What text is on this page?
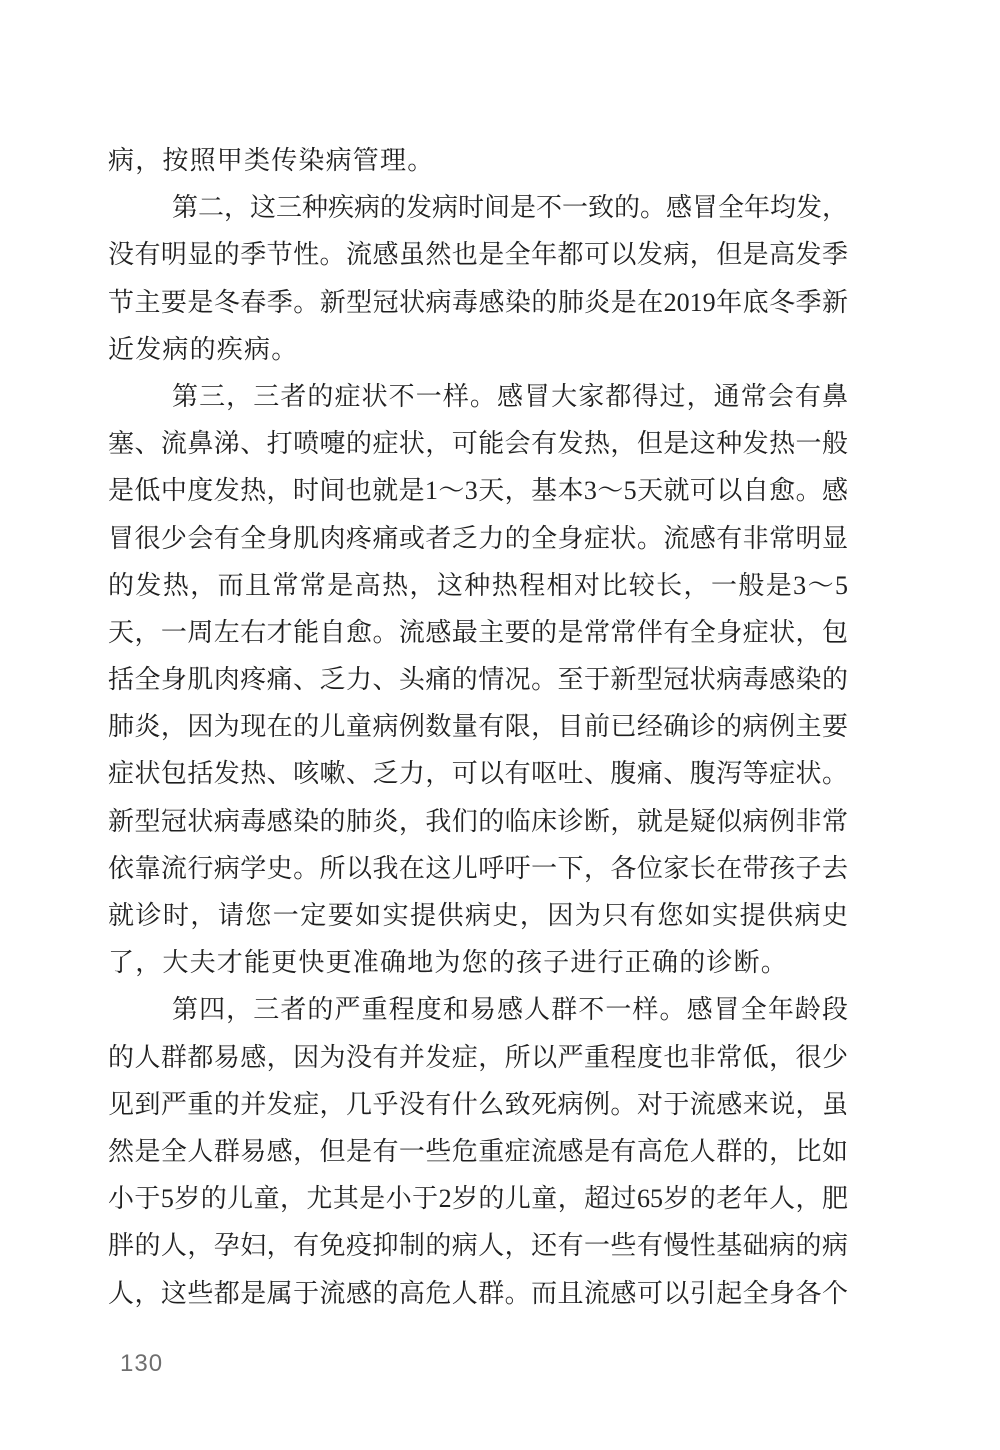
病，按照甲类传染病管理。
第二，这三种疾病的发病时间是不一致的。感冒全年均发，
没有明显的季节性。流感虽然也是全年都可以发病，但是高发季
节主要是冬春季。新型冠状病毒感染的肺炎是在2019年底冬季新
近发病的疾病。
第三，三者的症状不一样。感冒大家都得过，通常会有鼻
塞、流鼻涕、打喷嚏的症状，可能会有发热，但是这种发热一般
是低中度发热，时间也就是1～3天，基本3～5天就可以自愈。感
冒很少会有全身肌肉疼痛或者乏力的全身症状。流感有非常明显
的发热，而且常常是高热，这种热程相对比较长，一般是3～5
天，一周左右才能自愈。流感最主要的是常常伴有全身症状，包
括全身肌肉疼痛、乏力、头痛的情况。至于新型冠状病毒感染的
肺炎，因为现在的儿童病例数量有限，目前已经确诊的病例主要
症状包括发热、咳嗽、乏力，可以有呕吐、腹痛、腹泻等症状。
新型冠状病毒感染的肺炎，我们的临床诊断，就是疑似病例非常
依靠流行病学史。所以我在这儿呼吁一下，各位家长在带孩子去
就诊时，请您一定要如实提供病史，因为只有您如实提供病史
了，大夫才能更快更准确地为您的孩子进行正确的诊断。
第四，三者的严重程度和易感人群不一样。感冒全年龄段
的人群都易感，因为没有并发症，所以严重程度也非常低，很少
见到严重的并发症，几乎没有什么致死病例。对于流感来说，虽
然是全人群易感，但是有一些危重症流感是有高危人群的，比如
小于5岁的儿童，尤其是小于2岁的儿童，超过65岁的老年人，肥
胖的人，孕妇，有免疫抑制的病人，还有一些有慢性基础病的病
人，这些都是属于流感的高危人群。而且流感可以引起全身各个
130
